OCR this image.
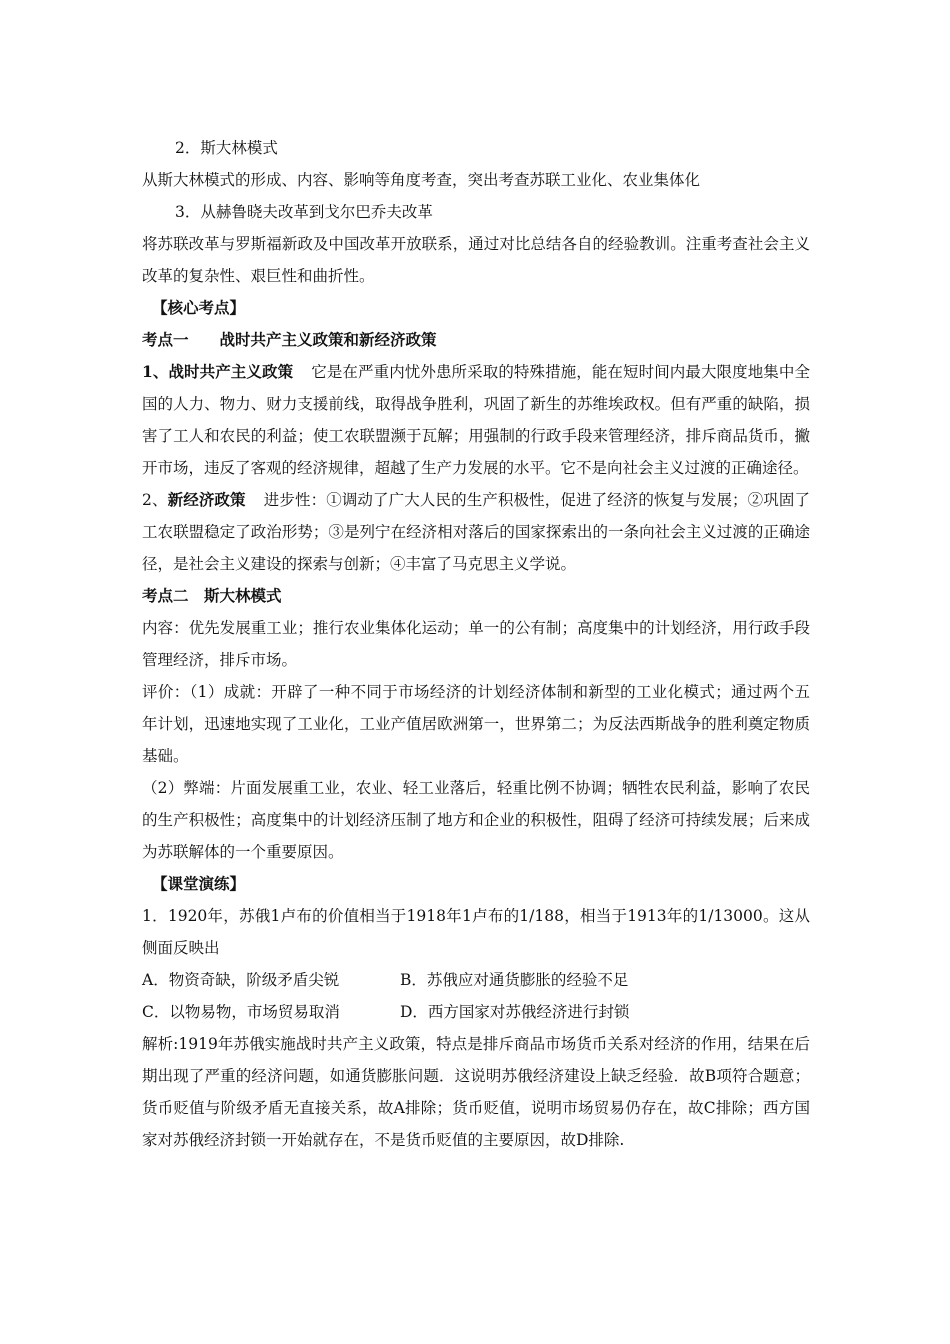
2．斯大林模式

从斯大林模式的形成、内容、影响等角度考查，突出考查苏联工业化、农业集体化

3．从赫鲁晓夫改革到戈尔巴乔夫改革

将苏联改革与罗斯福新政及中国改革开放联系，通过对比总结各自的经验教训。注重考查社会主义改革的复杂性、艰巨性和曲折性。

【核心考点】

考点一　　战时共产主义政策和新经济政策

1、战时共产主义政策 它是在严重内忧外患所采取的特殊措施，能在短时间内最大限度地集中全国的人力、物力、财力支援前线，取得战争胜利，巩固了新生的苏维埃政权。但有严重的缺陷，损害了工人和农民的利益；使工农联盟濒于瓦解；用强制的行政手段来管理经济，排斥商品货币，撇开市场，违反了客观的经济规律，超越了生产力发展的水平。它不是向社会主义过渡的正确途径。

2、新经济政策 进步性：①调动了广大人民的生产积极性，促进了经济的恢复与发展；②巩固了工农联盟稳定了政治形势；③是列宁在经济相对落后的国家探索出的一条向社会主义过渡的正确途径，是社会主义建设的探索与创新；④丰富了马克思主义学说。

考点二　斯大林模式

内容：优先发展重工业；推行农业集体化运动；单一的公有制；高度集中的计划经济，用行政手段管理经济，排斥市场。

评价：（1）成就：开辟了一种不同于市场经济的计划经济体制和新型的工业化模式；通过两个五年计划，迅速地实现了工业化，工业产值居欧洲第一，世界第二；为反法西斯战争的胜利奠定物质基础。

（2）弊端：片面发展重工业，农业、轻工业落后，轻重比例不协调；牺牲农民利益，影响了农民的生产积极性；高度集中的计划经济压制了地方和企业的积极性，阻碍了经济可持续发展；后来成为苏联解体的一个重要原因。

【课堂演练】

1．1920年，苏俄1卢布的价值相当于1918年1卢布的1/188，相当于1913年的1/13000。这从侧面反映出

A．物资奇缺，阶级矛盾尖锐	B．苏俄应对通货膨胀的经验不足
C．以物易物，市场贸易取消	D．西方国家对苏俄经济进行封锁

解析:1919年苏俄实施战时共产主义政策，特点是排斥商品市场货币关系对经济的作用，结果在后期出现了严重的经济问题，如通货膨胀问题．这说明苏俄经济建设上缺乏经验．故B项符合题意；货币贬值与阶级矛盾无直接关系，故A排除；货币贬值，说明市场贸易仍存在，故C排除；西方国家对苏俄经济封锁一开始就存在，不是货币贬值的主要原因，故D排除.
